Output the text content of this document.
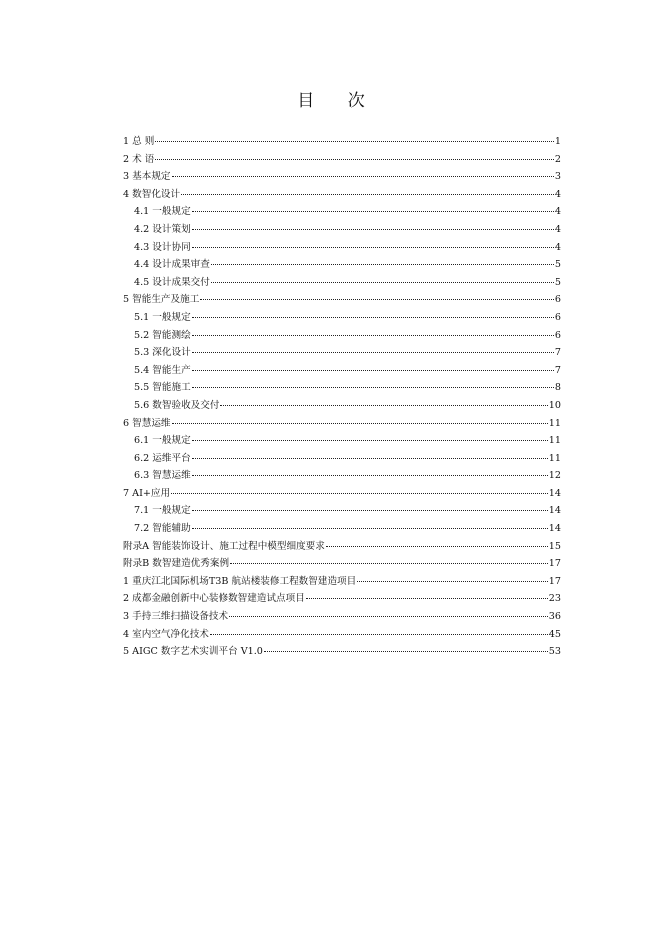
目 次
1 总 则	1
2 术 语	2
3 基本规定	3
4 数智化设计	4
4.1 一般规定	4
4.2 设计策划	4
4.3 设计协同	4
4.4 设计成果审查	5
4.5 设计成果交付	5
5 智能生产及施工	6
5.1 一般规定	6
5.2 智能测绘	6
5.3 深化设计	7
5.4 智能生产	7
5.5 智能施工	8
5.6 数智验收及交付	10
6 智慧运维	11
6.1 一般规定	11
6.2 运维平台	11
6.3 智慧运维	12
7 AI+应用	14
7.1 一般规定	14
7.2 智能辅助	14
附录A 智能装饰设计、施工过程中模型细度要求	15
附录B 数智建造优秀案例	17
1 重庆江北国际机场T3B 航站楼装修工程数智建造项目	17
2 成都金融创新中心装修数智建造试点项目	23
3 手持三维扫描设备技术	36
4 室内空气净化技术	45
5 AIGC 数字艺术实训平台 V1.0	53
